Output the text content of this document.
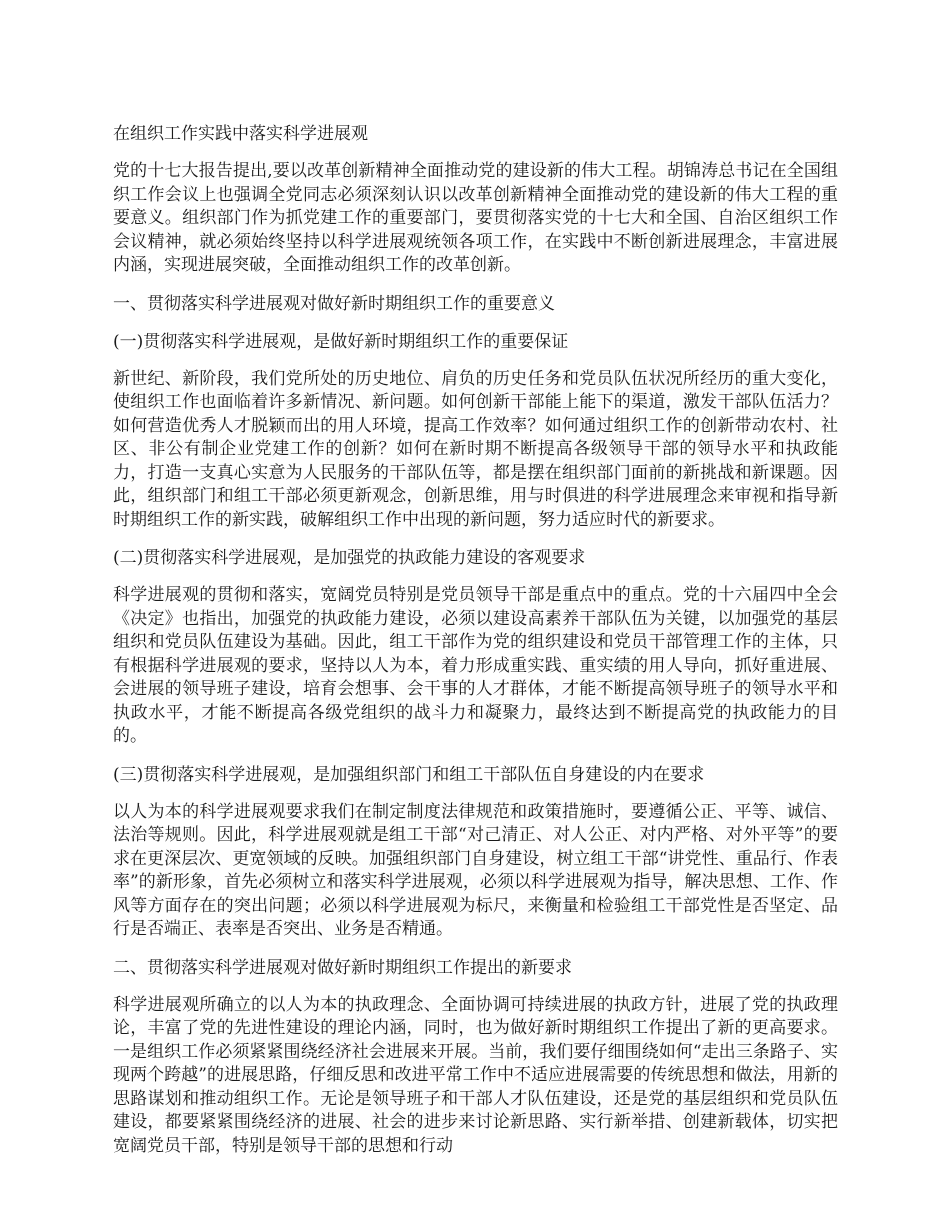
在组织工作实践中落实科学进展观
党的十七大报告提出,要以改革创新精神全面推动党的建设新的伟大工程。胡锦涛总书记在全国组织工作会议上也强调全党同志必须深刻认识以改革创新精神全面推动党的建设新的伟大工程的重要意义。组织部门作为抓党建工作的重要部门，要贯彻落实党的十七大和全国、自治区组织工作会议精神，就必须始终坚持以科学进展观统领各项工作，在实践中不断创新进展理念，丰富进展内涵，实现进展突破，全面推动组织工作的改革创新。
一、贯彻落实科学进展观对做好新时期组织工作的重要意义
(一)贯彻落实科学进展观，是做好新时期组织工作的重要保证
新世纪、新阶段，我们党所处的历史地位、肩负的历史任务和党员队伍状况所经历的重大变化，使组织工作也面临着许多新情况、新问题。如何创新干部能上能下的渠道，激发干部队伍活力？如何营造优秀人才脱颖而出的用人环境，提高工作效率？如何通过组织工作的创新带动农村、社区、非公有制企业党建工作的创新？如何在新时期不断提高各级领导干部的领导水平和执政能力，打造一支真心实意为人民服务的干部队伍等，都是摆在组织部门面前的新挑战和新课题。因此，组织部门和组工干部必须更新观念，创新思维，用与时俱进的科学进展理念来审视和指导新时期组织工作的新实践，破解组织工作中出现的新问题，努力适应时代的新要求。
(二)贯彻落实科学进展观，是加强党的执政能力建设的客观要求
科学进展观的贯彻和落实，宽阔党员特别是党员领导干部是重点中的重点。党的十六届四中全会《决定》也指出，加强党的执政能力建设，必须以建设高素养干部队伍为关键，以加强党的基层组织和党员队伍建设为基础。因此，组工干部作为党的组织建设和党员干部管理工作的主体，只有根据科学进展观的要求，坚持以人为本，着力形成重实践、重实绩的用人导向，抓好重进展、会进展的领导班子建设，培育会想事、会干事的人才群体，才能不断提高领导班子的领导水平和执政水平，才能不断提高各级党组织的战斗力和凝聚力，最终达到不断提高党的执政能力的目的。
(三)贯彻落实科学进展观，是加强组织部门和组工干部队伍自身建设的内在要求
以人为本的科学进展观要求我们在制定制度法律规范和政策措施时，要遵循公正、平等、诚信、法治等规则。因此，科学进展观就是组工干部“对己清正、对人公正、对内严格、对外平等”的要求在更深层次、更宽领域的反映。加强组织部门自身建设，树立组工干部“讲党性、重品行、作表率”的新形象，首先必须树立和落实科学进展观，必须以科学进展观为指导，解决思想、工作、作风等方面存在的突出问题；必须以科学进展观为标尺，来衡量和检验组工干部党性是否坚定、品行是否端正、表率是否突出、业务是否精通。
二、贯彻落实科学进展观对做好新时期组织工作提出的新要求
科学进展观所确立的以人为本的执政理念、全面协调可持续进展的执政方针，进展了党的执政理论，丰富了党的先进性建设的理论内涵，同时，也为做好新时期组织工作提出了新的更高要求。一是组织工作必须紧紧围绕经济社会进展来开展。当前，我们要仔细围绕如何“走出三条路子、实现两个跨越”的进展思路，仔细反思和改进平常工作中不适应进展需要的传统思想和做法，用新的思路谋划和推动组织工作。无论是领导班子和干部人才队伍建设，还是党的基层组织和党员队伍建设，都要紧紧围绕经济的进展、社会的进步来讨论新思路、实行新举措、创建新载体，切实把宽阔党员干部，特别是领导干部的思想和行动
